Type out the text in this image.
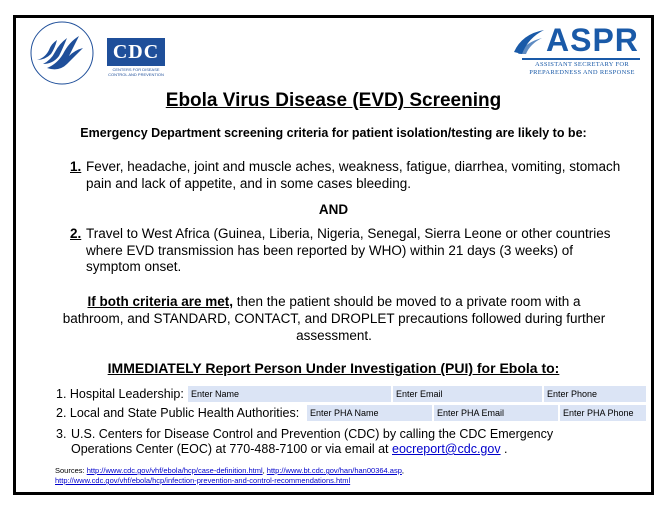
CDC
CENTERS FOR DISEASE CONTROL AND PREVENTION
ASPR
ASSISTANT SECRETARY FOR PREPAREDNESS AND RESPONSE
Ebola Virus Disease (EVD) Screening
Emergency Department screening criteria for patient isolation/testing are likely to be:
1. Fever, headache, joint and muscle aches, weakness, fatigue, diarrhea, vomiting, stomach pain and lack of appetite, and in some cases bleeding.
AND
2. Travel to West Africa (Guinea, Liberia, Nigeria, Senegal, Sierra Leone or other countries where EVD transmission has been reported by WHO) within 21 days (3 weeks) of symptom onset.
If both criteria are met, then the patient should be moved to a private room with a bathroom, and STANDARD, CONTACT, and DROPLET precautions followed during further assessment.
IMMEDIATELY Report Person Under Investigation (PUI) for Ebola to:
1. Hospital Leadership:
Enter Name
Enter Email
Enter Phone
2. Local and State Public Health Authorities:
Enter PHA Name
Enter PHA Email
Enter PHA Phone
3. U.S. Centers for Disease Control and Prevention (CDC) by calling the CDC Emergency Operations Center (EOC) at 770-488-7100 or via email at eocreport@cdc.gov .
Sources: http://www.cdc.gov/vhf/ebola/hcp/case-definition.html, http://www.bt.cdc.gov/han/han00364.asp,
http://www.cdc.gov/vhf/ebola/hcp/infection-prevention-and-control-recommendations.html
